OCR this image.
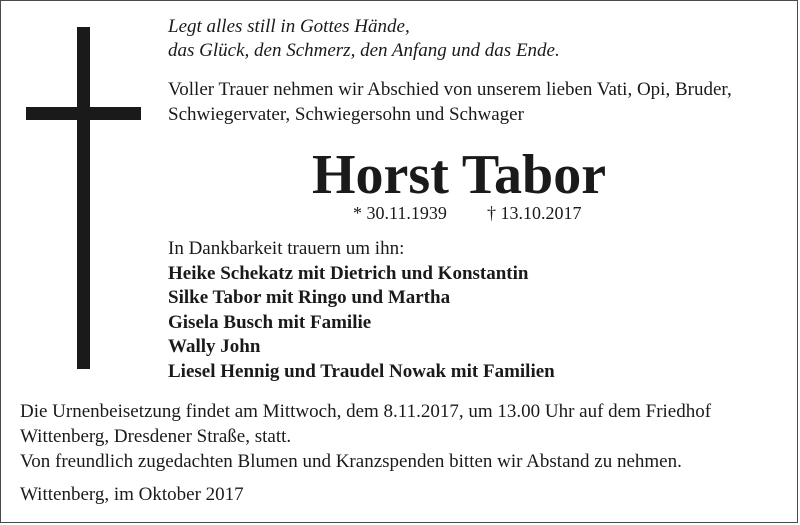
Legt alles still in Gottes Hände,
das Glück, den Schmerz, den Anfang und das Ende.
Voller Trauer nehmen wir Abschied von unserem lieben Vati, Opi, Bruder,
Schwiegervater, Schwiegersohn und Schwager
Horst Tabor
* 30.11.1939 † 13.10.2017
In Dankbarkeit trauern um ihn:
Heike Schekatz mit Dietrich und Konstantin
Silke Tabor mit Ringo und Martha
Gisela Busch mit Familie
Wally John
Liesel Hennig und Traudel Nowak mit Familien
Die Urnenbeisetzung findet am Mittwoch, dem 8.11.2017, um 13.00 Uhr auf dem Friedhof
Wittenberg, Dresdener Straße, statt.
Von freundlich zugedachten Blumen und Kranzspenden bitten wir Abstand zu nehmen.
Wittenberg, im Oktober 2017
